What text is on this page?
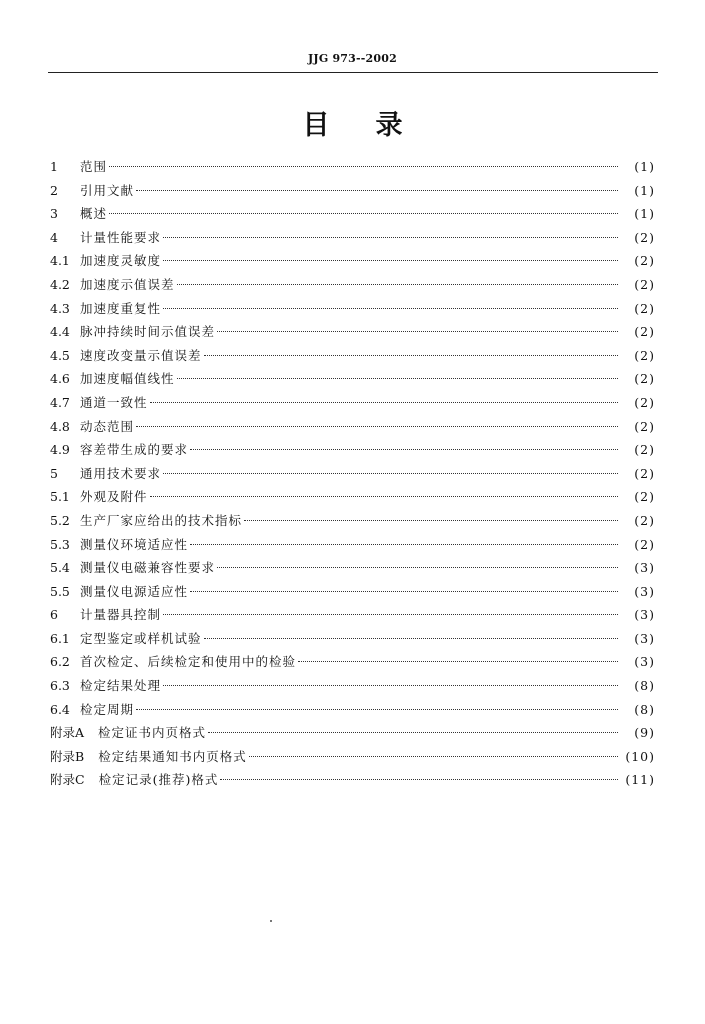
JJG 973--2002
目录
1	范围	(1)
2	引用文献	(1)
3	概述	(1)
4	计量性能要求	(2)
4.1 加速度灵敏度	(2)
4.2 加速度示值误差	(2)
4.3 加速度重复性	(2)
4.4 脉冲持续时间示值误差	(2)
4.5 速度改变量示值误差	(2)
4.6 加速度幅值线性	(2)
4.7 通道一致性	(2)
4.8 动态范围	(2)
4.9 容差带生成的要求	(2)
5	通用技术要求	(2)
5.1 外观及附件	(2)
5.2 生产厂家应给出的技术指标	(2)
5.3 测量仪环境适应性	(2)
5.4 测量仪电磁兼容性要求	(3)
5.5 测量仪电源适应性	(3)
6	计量器具控制	(3)
6.1 定型鉴定或样机试验	(3)
6.2 首次检定、后续检定和使用中的检验	(3)
6.3 检定结果处理	(8)
6.4 检定周期	(8)
附录A 检定证书内页格式	(9)
附录B 检定结果通知书内页格式	(10)
附录C 检定记录(推荐)格式	(11)
